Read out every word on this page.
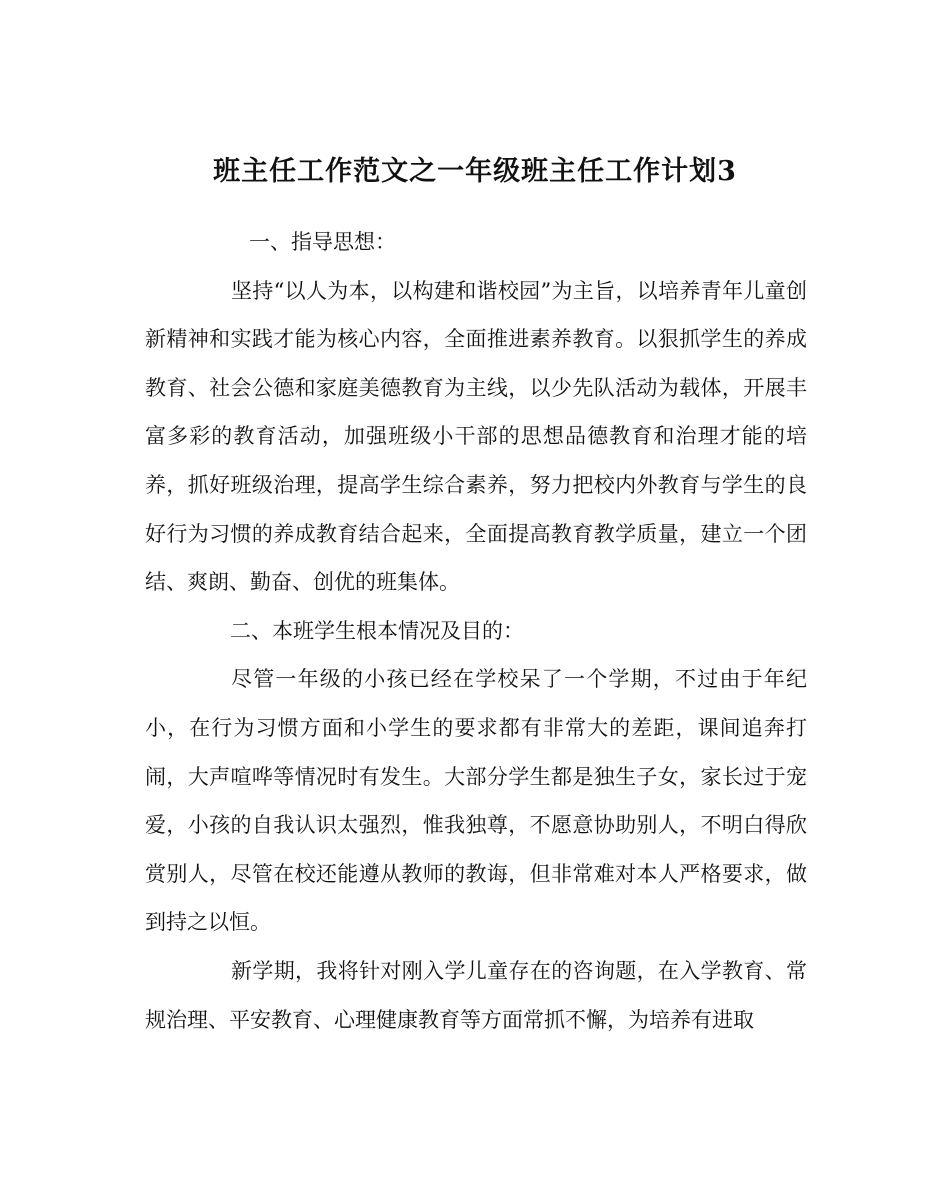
班主任工作范文之一年级班主任工作计划3

一、指导思想：

坚持“以人为本，以构建和谐校园”为主旨，以培养青年儿童创新精神和实践才能为核心内容，全面推进素养教育。以狠抓学生的养成教育、社会公德和家庭美德教育为主线，以少先队活动为载体，开展丰富多彩的教育活动，加强班级小干部的思想品德教育和治理才能的培养，抓好班级治理，提高学生综合素养，努力把校内外教育与学生的良好行为习惯的养成教育结合起来，全面提高教育教学质量，建立一个团结、爽朗、勤奋、创优的班集体。

二、本班学生根本情况及目的：

尽管一年级的小孩已经在学校呆了一个学期，不过由于年纪小，在行为习惯方面和小学生的要求都有非常大的差距，课间追奔打闹，大声喧哗等情况时有发生。大部分学生都是独生子女，家长过于宠爱，小孩的自我认识太强烈，惟我独尊，不愿意协助别人，不明白得欣赏别人，尽管在校还能遵从教师的教诲，但非常难对本人严格要求，做到持之以恒。

新学期，我将针对刚入学儿童存在的咨询题，在入学教育、常规治理、平安教育、心理健康教育等方面常抓不懈，为培养有进取
